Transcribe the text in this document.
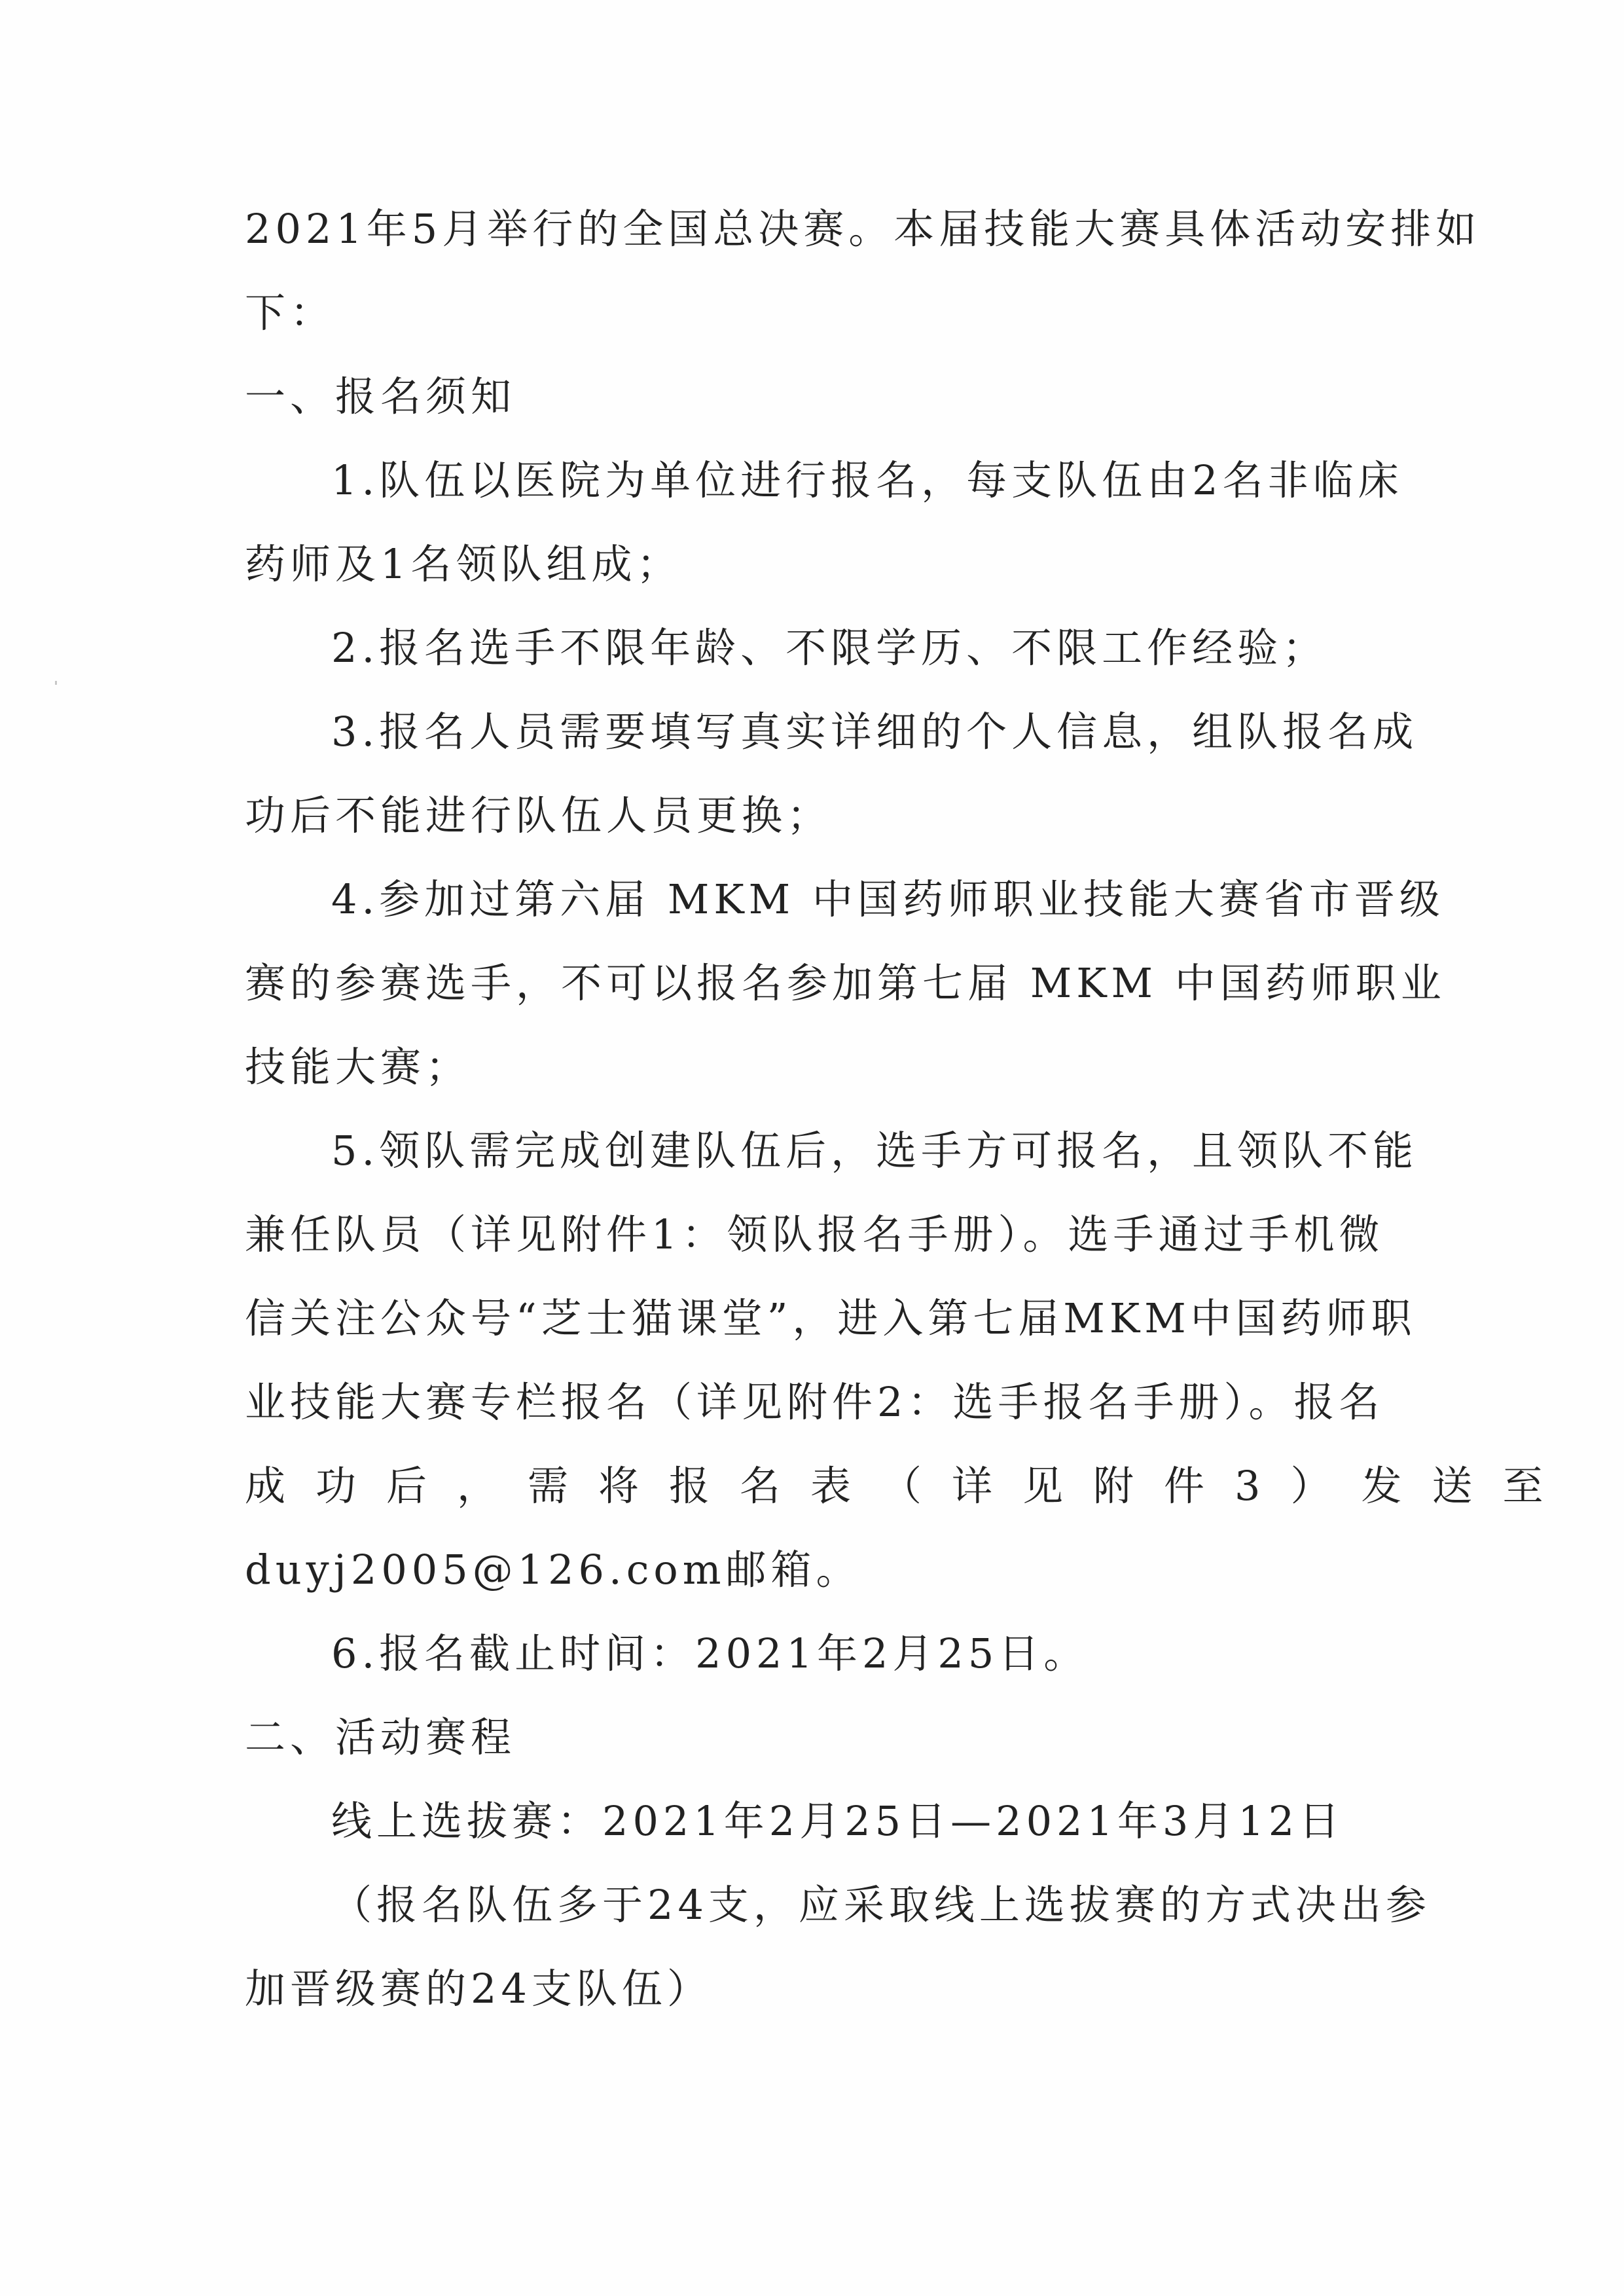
2021年5月举行的全国总决赛。本届技能大赛具体活动安排如
下：
一、报名须知
1.队伍以医院为单位进行报名，每支队伍由2名非临床
药师及1名领队组成；
2.报名选手不限年龄、不限学历、不限工作经验；
3.报名人员需要填写真实详细的个人信息，组队报名成
功后不能进行队伍人员更换；
4.参加过第六届 MKM 中国药师职业技能大赛省市晋级
赛的参赛选手，不可以报名参加第七届 MKM 中国药师职业
技能大赛；
5.领队需完成创建队伍后，选手方可报名，且领队不能
兼任队员（详见附件1：领队报名手册）。选手通过手机微
信关注公众号“芝士猫课堂”，进入第七届MKM中国药师职
业技能大赛专栏报名（详见附件2：选手报名手册）。报名
成功后，需将报名表（详见附件3）发送至
duyj2005@126.com邮箱。
6.报名截止时间：2021年2月25日。
二、活动赛程
线上选拔赛：2021年2月25日—2021年3月12日
（报名队伍多于24支，应采取线上选拔赛的方式决出参
加晋级赛的24支队伍）
